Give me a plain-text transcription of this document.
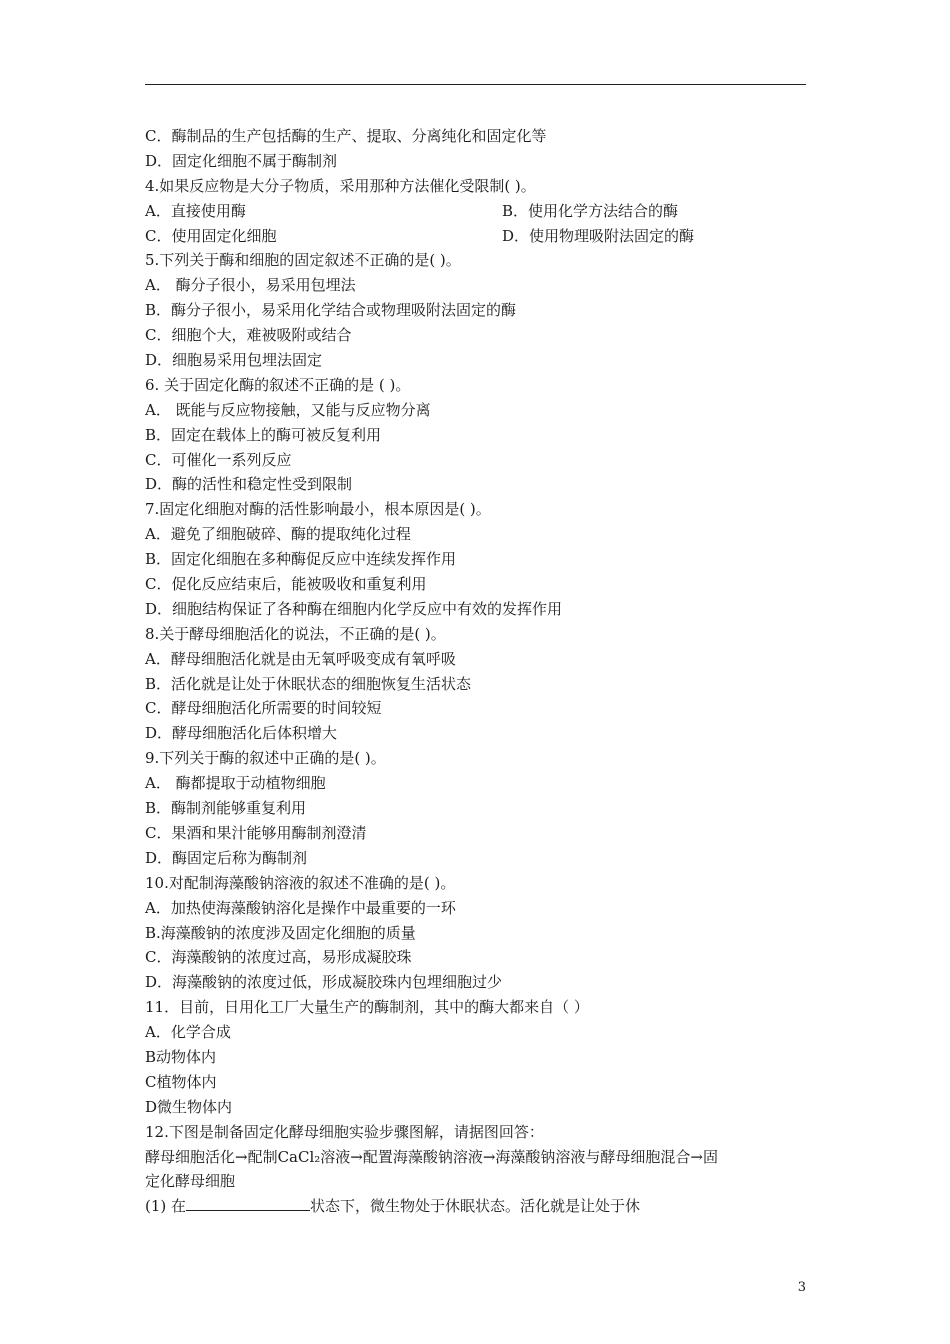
C．酶制品的生产包括酶的生产、提取、分离纯化和固定化等
D．固定化细胞不属于酶制剂
4.如果反应物是大分子物质，采用那种方法催化受限制( )。
A．直接使用酶	B．使用化学方法结合的酶
C．使用固定化细胞	D．使用物理吸附法固定的酶
5.下列关于酶和细胞的固定叙述不正确的是( )。
A． 酶分子很小，易采用包埋法
B．酶分子很小，易采用化学结合或物理吸附法固定的酶
C．细胞个大，难被吸附或结合
D．细胞易采用包埋法固定
6. 关于固定化酶的叙述不正确的是 ( )。
A． 既能与反应物接触，又能与反应物分离
B．固定在载体上的酶可被反复利用
C．可催化一系列反应
D．酶的活性和稳定性受到限制
7.固定化细胞对酶的活性影响最小，根本原因是( )。
A．避免了细胞破碎、酶的提取纯化过程
B．固定化细胞在多种酶促反应中连续发挥作用
C．促化反应结束后，能被吸收和重复利用
D．细胞结构保证了各种酶在细胞内化学反应中有效的发挥作用
8.关于酵母细胞活化的说法，不正确的是( )。
A．酵母细胞活化就是由无氧呼吸变成有氧呼吸
B．活化就是让处于休眠状态的细胞恢复生活状态
C．酵母细胞活化所需要的时间较短
D．酵母细胞活化后体积增大
9.下列关于酶的叙述中正确的是( )。
A． 酶都提取于动植物细胞
B．酶制剂能够重复利用
C．果酒和果汁能够用酶制剂澄清
D．酶固定后称为酶制剂
10.对配制海藻酸钠溶液的叙述不准确的是( )。
A．加热使海藻酸钠溶化是操作中最重要的一环
B.海藻酸钠的浓度涉及固定化细胞的质量
C．海藻酸钠的浓度过高，易形成凝胶珠
D．海藻酸钠的浓度过低，形成凝胶珠内包埋细胞过少
11．目前，日用化工厂大量生产的酶制剂，其中的酶大都来自（ ）
A．化学合成
B动物体内
C植物体内
D微生物体内
12.下图是制备固定化酵母细胞实验步骤图解，请据图回答：
酵母细胞活化→配制CaCl₂溶液→配置海藻酸钠溶液→海藻酸钠溶液与酵母细胞混合→固
定化酵母细胞
(1) 在	状态下，微生物处于休眠状态。活化就是让处于休
3
